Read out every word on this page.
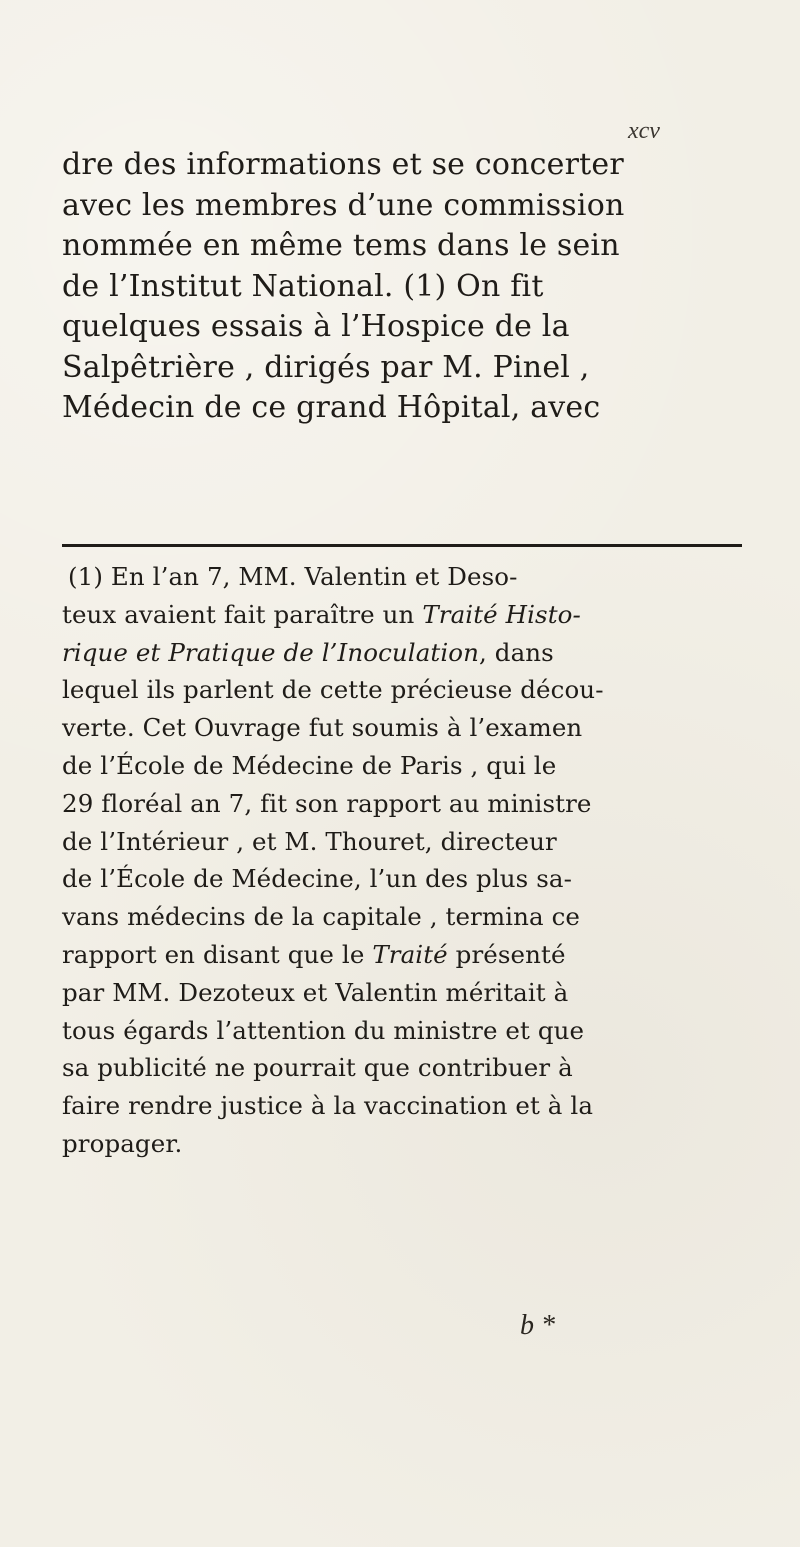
xcv
dre des informations et se concerter
avec les membres d’une commission
nommée en même tems dans le sein
de l’Institut National. (1) On fit
quelques essais à l’Hospice de la
Salpêtrière , dirigés par M. Pinel ,
Médecin de ce grand Hôpital, avec
(1) En l’an 7, MM. Valentin et Deso-
teux avaient fait paraître un Traité Histo-
rique et Pratique de l’Inoculation, dans
lequel ils parlent de cette précieuse décou-
verte. Cet Ouvrage fut soumis à l’examen
de l’École de Médecine de Paris , qui le
29 floréal an 7, fit son rapport au ministre
de l’Intérieur , et M. Thouret, directeur
de l’École de Médecine, l’un des plus sa-
vans médecins de la capitale , termina ce
rapport en disant que le Traité présenté
par MM. Dezoteux et Valentin méritait à
tous égards l’attention du ministre et que
sa publicité ne pourrait que contribuer à
faire rendre justice à la vaccination et à la
propager.
b *
